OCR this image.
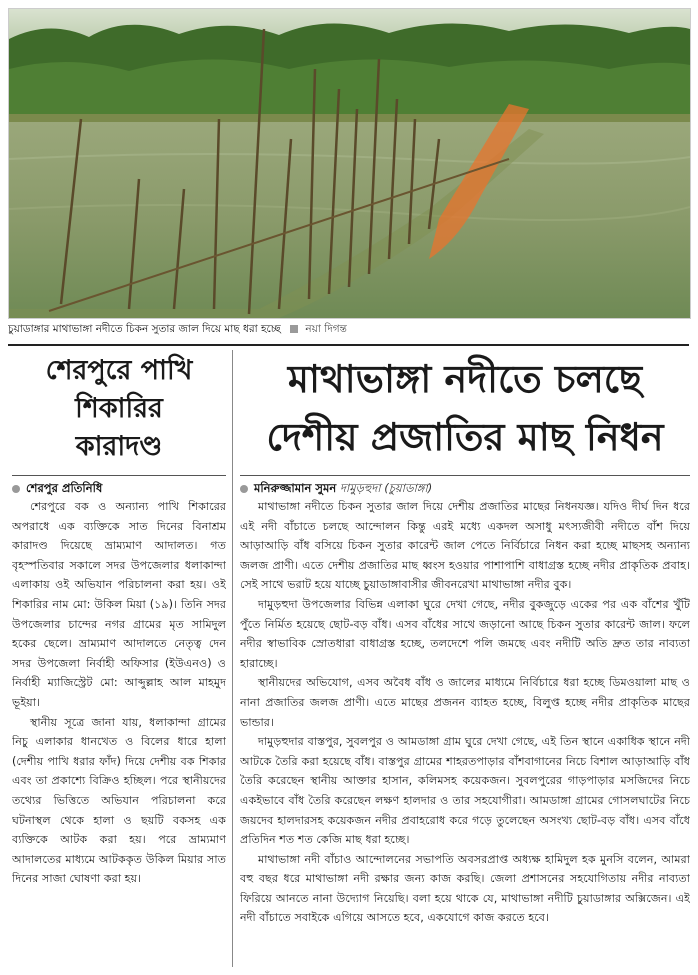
চুয়াডাঙ্গার মাথাভাঙ্গা নদীতে চিকন সুতার জাল দিয়ে মাছ ধরা হচ্ছে নয়া দিগন্ত
শেরপুরে পাখি
শিকারির
কারাদণ্ড
মাথাভাঙ্গা নদীতে চলছে
দেশীয় প্রজাতির মাছ নিধন
শেরপুর প্রতিনিধি	মনিরুজ্জামান সুমন দামুড়হুদা (চুয়াডাঙ্গা)

শেরপুরে বক ও অন্যান্য পাখি শিকারের অপরাধে এক ব্যক্তিকে সাত দিনের বিনাশ্রম কারাদণ্ড দিয়েছে ভ্রাম্যমাণ আদালত। গত বৃহস্পতিবার সকালে সদর উপজেলার ধলাকান্দা এলাকায় ওই অভিযান পরিচালনা করা হয়। ওই শিকারির নাম মো: উকিল মিয়া (১৯)। তিনি সদর উপজেলার চান্দের নগর গ্রামের মৃত সামিদুল হকের ছেলে। ভ্রাম্যমাণ আদালতে নেতৃত্ব দেন সদর উপজেলা নির্বাহী অফিসার (ইউএনও) ও নির্বাহী ম্যাজিস্ট্রেট মো: আব্দুল্লাহ আল মাহমুদ ভূইয়া।

স্থানীয় সূত্রে জানা যায়, ধলাকান্দা গ্রামের নিচু এলাকার ধানখেত ও বিলের ধারে হালা (দেশীয় পাখি ধরার ফাঁদ) দিয়ে দেশীয় বক শিকার এবং তা প্রকাশ্যে বিক্রিও হচ্ছিল। পরে স্থানীয়দের তথ্যের ভিত্তিতে অভিযান পরিচালনা করে ঘটনাস্থল থেকে হালা ও ছয়টি বকসহ এক ব্যক্তিকে আটক করা হয়। পরে ভ্রাম্যমাণ আদালতের মাধ্যমে আটককৃত উকিল মিয়ার সাত দিনের সাজা ঘোষণা করা হয়।

মাথাভাঙ্গা নদীতে চিকন সুতার জাল দিয়ে দেশীয় প্রজাতির মাছের নিধনযজ্ঞ। যদিও দীর্ঘ দিন ধরে এই নদী বাঁচাতে চলছে আন্দোলন কিন্তু এরই মধ্যে একদল অসাধু মৎস্যজীবী নদীতে বাঁশ দিয়ে আড়াআড়ি বাঁধ বসিয়ে চিকন সুতার কারেন্ট জাল পেতে নির্বিচারে নিধন করা হচ্ছে মাছসহ অন্যান্য জলজ প্রাণী। এতে দেশীয় প্রজাতির মাছ ধ্বংস হওয়ার পাশাপাশি বাধাগ্রস্ত হচ্ছে নদীর প্রাকৃতিক প্রবাহ। সেই সাথে ভরাট হয়ে যাচ্ছে চুয়াডাঙ্গাবাসীর জীবনরেখা মাথাভাঙ্গা নদীর বুক।

দামুড়হুদা উপজেলার বিভিন্ন এলাকা ঘুরে দেখা গেছে, নদীর বুকজুড়ে একের পর এক বাঁশের খুঁটি পুঁতে নির্মিত হয়েছে ছোট-বড় বাঁধ। এসব বাঁধের সাথে জড়ানো আছে চিকন সুতার কারেন্ট জাল। ফলে নদীর স্বাভাবিক স্রোতধারা বাধাগ্রস্ত হচ্ছে, তলদেশে পলি জমছে এবং নদীটি অতি দ্রুত তার নাব্যতা হারাচ্ছে।

স্থানীয়দের অভিযোগ, এসব অবৈধ বাঁধ ও জালের মাধ্যমে নির্বিচারে ধরা হচ্ছে ডিমওয়ালা মাছ ও নানা প্রজাতির জলজ প্রাণী। এতে মাছের প্রজনন ব্যাহত হচ্ছে, বিলুপ্ত হচ্ছে নদীর প্রাকৃতিক মাছের ভান্ডার।

দামুড়হুদার বাস্তপুর, সুবলপুর ও আমডাঙ্গা গ্রাম ঘুরে দেখা গেছে, এই তিন স্থানে একাধিক স্থানে নদী আটকে তৈরি করা হয়েছে বাঁধ। বাস্তপুর গ্রামের শাহরতপাড়ার বাঁশবাগানের নিচে বিশাল আড়াআড়ি বাঁধ তৈরি করেছেন স্থানীয় আক্তার হাসান, কলিমসহ কয়েকজন। সুবলপুরের গাড়পাড়ার মসজিদের নিচে একইভাবে বাঁধ তৈরি করেছেন লক্ষণ হালদার ও তার সহযোগীরা। আমডাঙ্গা গ্রামের গোসলঘাটের নিচে জয়দেব হালদারসহ কয়েকজন নদীর প্রবাহরোধ করে গড়ে তুলেছেন অসংখ্য ছোট-বড় বাঁধ। এসব বাঁধে প্রতিদিন শত শত কেজি মাছ ধরা হচ্ছে।

মাথাভাঙ্গা নদী বাঁচাও আন্দোলনের সভাপতি অবসরপ্রাপ্ত অধ্যক্ষ হামিদুল হক মুনসি বলেন, আমরা বহু বছর ধরে মাথাভাঙ্গা নদী রক্ষার জন্য কাজ করছি। জেলা প্রশাসনের সহযোগিতায় নদীর নাব্যতা ফিরিয়ে আনতে নানা উদ্যোগ নিয়েছি। বলা হয়ে থাকে যে, মাথাভাঙ্গা নদীটি চুয়াডাঙ্গার অক্সিজেন। এই নদী বাঁচাতে সবাইকে এগিয়ে আসতে হবে, একযোগে কাজ করতে হবে।
